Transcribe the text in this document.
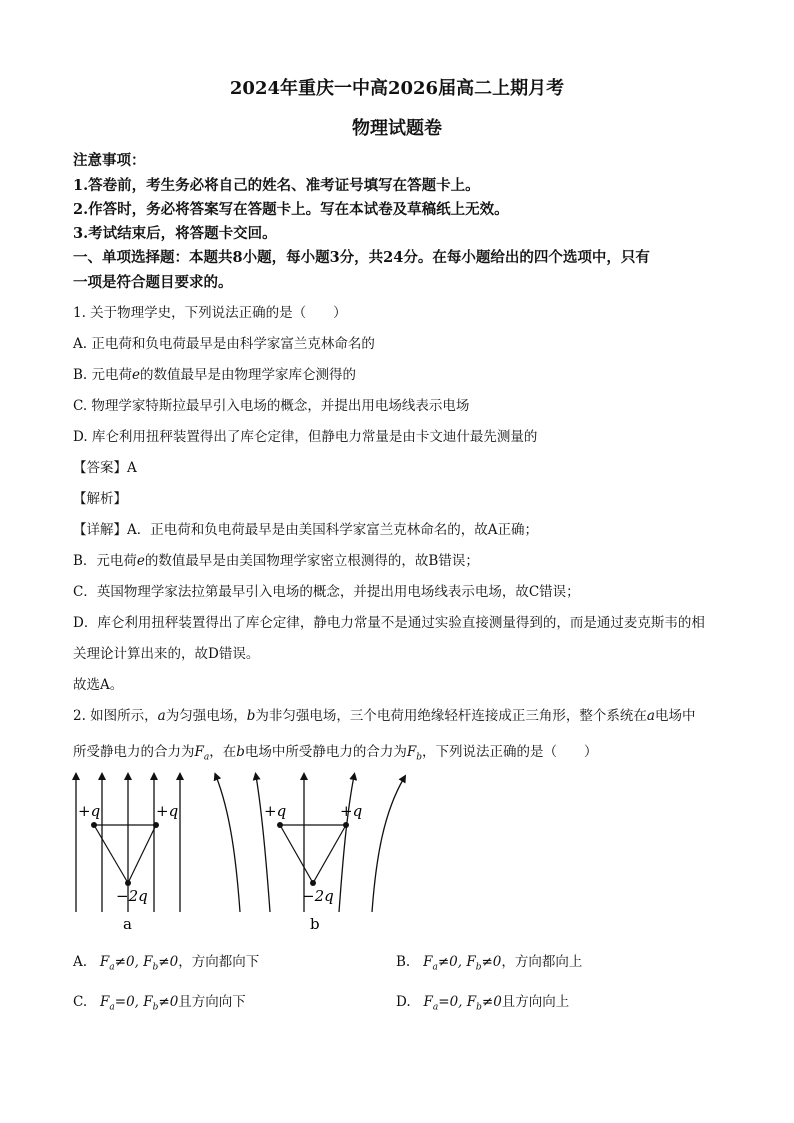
2024年重庆一中高2026届高二上期月考
物理试题卷
注意事项：
1.答卷前，考生务必将自己的姓名、准考证号填写在答题卡上。
2.作答时，务必将答案写在答题卡上。写在本试卷及草稿纸上无效。
3.考试结束后，将答题卡交回。
一、单项选择题：本题共8小题，每小题3分，共24分。在每小题给出的四个选项中，只有
一项是符合题目要求的。
1. 关于物理学史，下列说法正确的是（　　）
A. 正电荷和负电荷最早是由科学家富兰克林命名的
B. 元电荷e的数值最早是由物理学家库仑测得的
C. 物理学家特斯拉最早引入电场的概念，并提出用电场线表示电场
D. 库仑利用扭秤装置得出了库仑定律，但静电力常量是由卡文迪什最先测量的
【答案】A
【解析】
【详解】A．正电荷和负电荷最早是由美国科学家富兰克林命名的，故A正确；
B．元电荷e的数值最早是由美国物理学家密立根测得的，故B错误；
C．英国物理学家法拉第最早引入电场的概念，并提出用电场线表示电场，故C错误；
D．库仑利用扭秤装置得出了库仑定律，静电力常量不是通过实验直接测量得到的，而是通过麦克斯韦的相
关理论计算出来的，故D错误。
故选A。
2. 如图所示，a为匀强电场，b为非匀强电场，三个电荷用绝缘轻杆连接成正三角形，整个系统在a电场中
所受静电力的合力为$F_a$，在b电场中所受静电力的合力为$F_b$，下列说法正确的是（　　）
+q	+q
−2q
a
+q	+q
−2q
b
A. $F_a\ne 0$, $F_b\ne 0$，方向都向下	B. $F_a\ne 0$, $F_b\ne 0$，方向都向上
C. $F_a=0$, $F_b\ne 0$且方向向下	D. $F_a=0$, $F_b\ne 0$且方向向上
